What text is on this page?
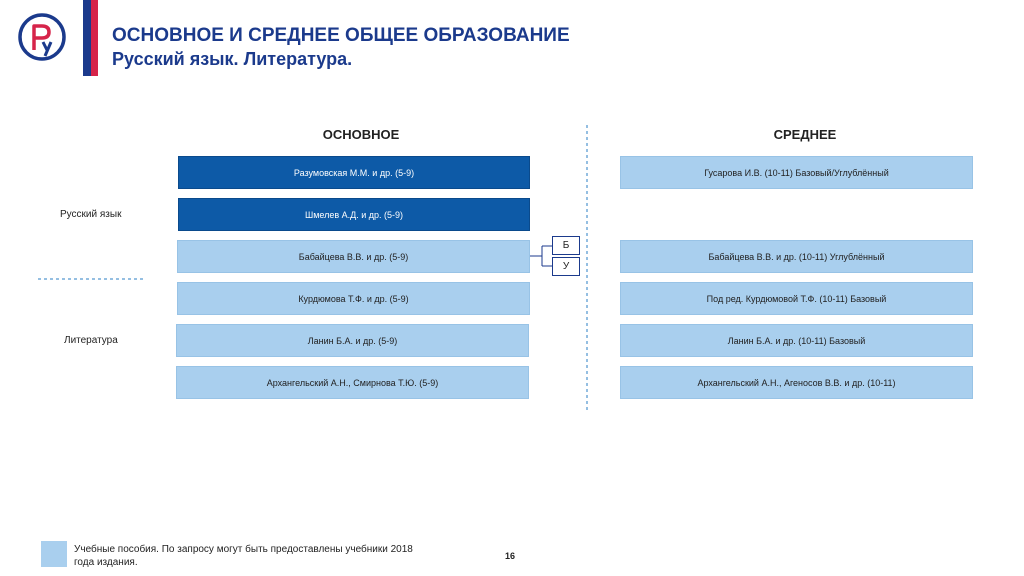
ОСНОВНОЕ И СРЕДНЕЕ ОБЩЕЕ ОБРАЗОВАНИЕ
Русский язык. Литература.
ОСНОВНОЕ	СРЕДНЕЕ
Русский язык
Литература
Разумовская М.М. и др. (5-9)
Шмелев А.Д. и др. (5-9)
Бабайцева В.В. и др. (5-9)
Курдюмова Т.Ф. и др. (5-9)
Ланин Б.А. и др. (5-9)
Архангельский А.Н., Смирнова Т.Ю. (5-9)
Б
У
Гусарова И.В. (10-11) Базовый/Углублённый
Бабайцева В.В. и др. (10-11) Углублённый
Под ред. Курдюмовой Т.Ф. (10-11) Базовый
Ланин Б.А. и др. (10-11) Базовый
Архангельский А.Н., Агеносов В.В. и др. (10-11)
Учебные пособия. По запросу могут быть предоставлены учебники 2018 года издания.
16
